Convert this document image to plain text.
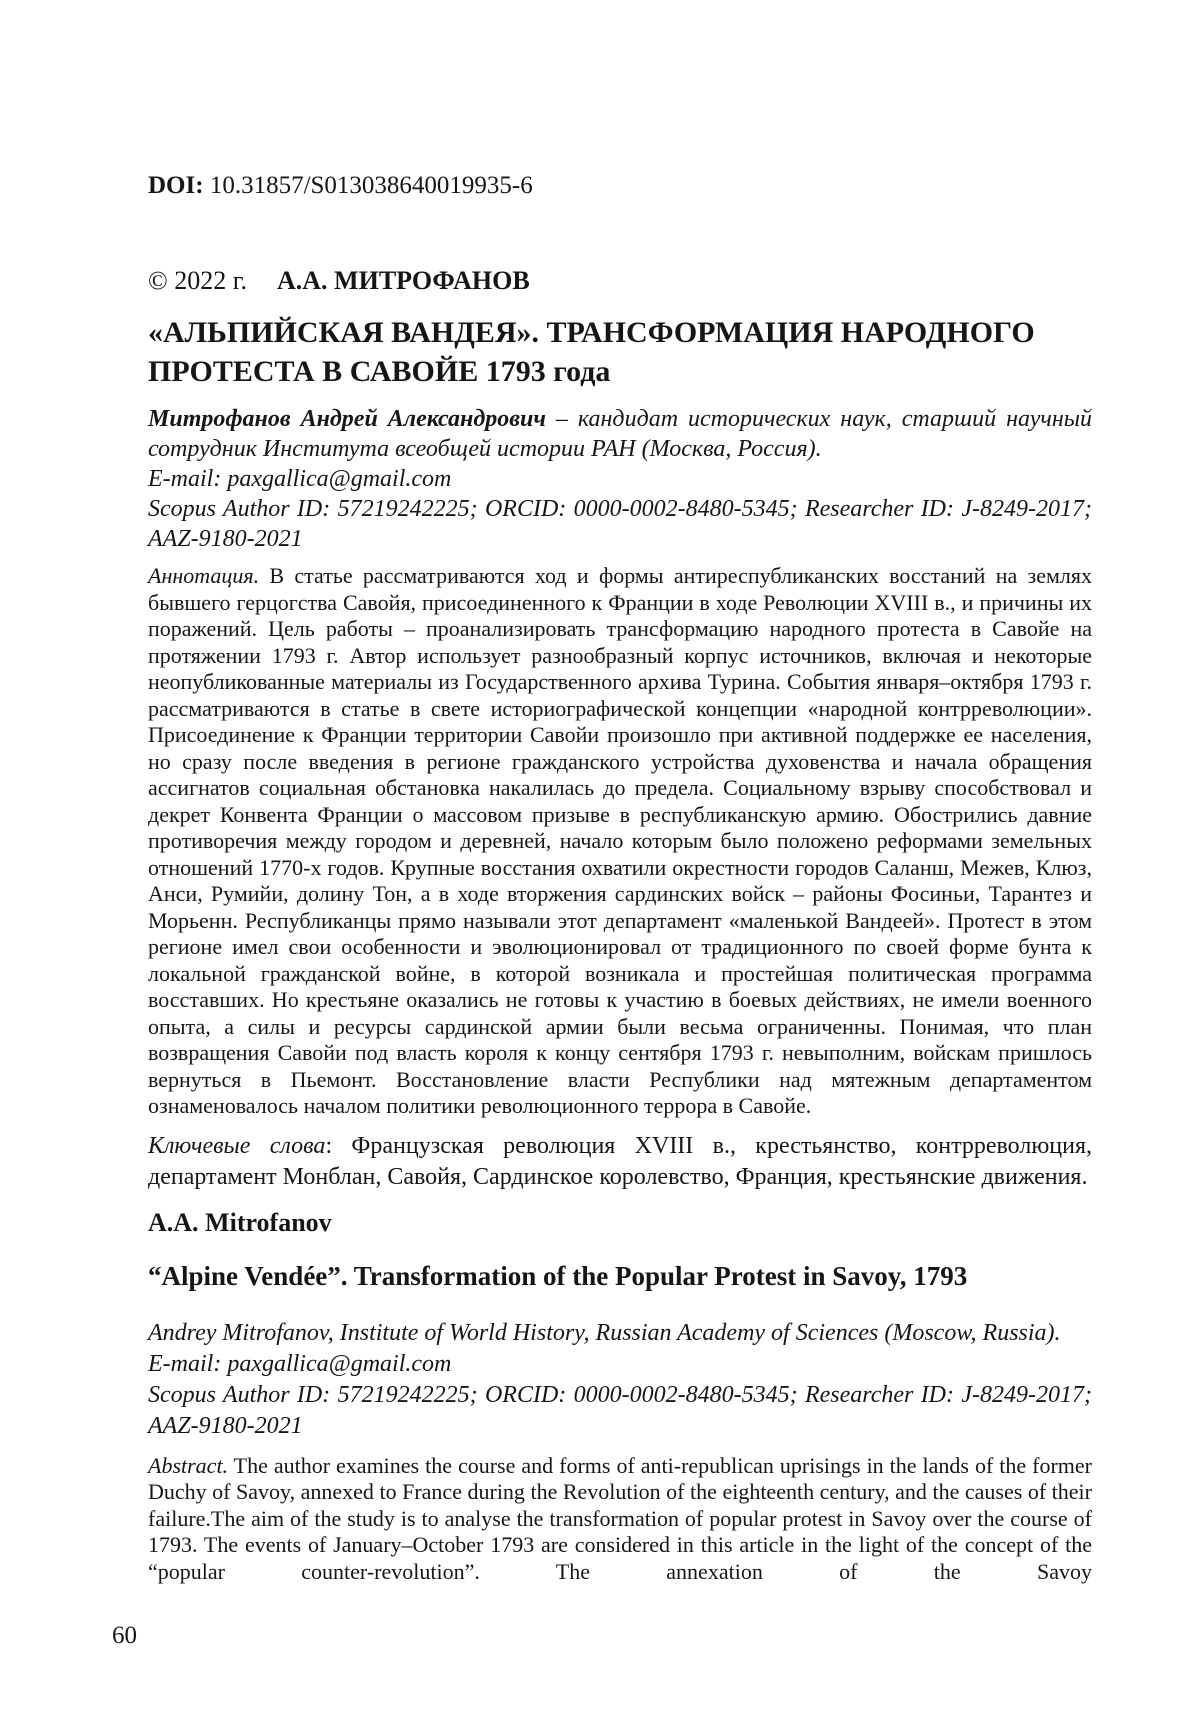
DOI: 10.31857/S013038640019935-6

© 2022 г. А.А. МИТРОФАНОВ

«АЛЬПИЙСКАЯ ВАНДЕЯ». ТРАНСФОРМАЦИЯ НАРОДНОГО ПРОТЕСТА В САВОЙЕ 1793 года

Митрофанов Андрей Александрович – кандидат исторических наук, старший научный сотрудник Института всеобщей истории РАН (Москва, Россия).

E-mail: paxgallica@gmail.com

Scopus Author ID: 57219242225; ORCID: 0000-0002-8480-5345; Researcher ID: J-8249-2017; AAZ-9180-2021

Аннотация. В статье рассматриваются ход и формы антиреспубликанских восстаний на землях бывшего герцогства Савойя, присоединенного к Франции в ходе Революции XVIII в., и причины их поражений. Цель работы – проанализировать трансформацию народного протеста в Савойе на протяжении 1793 г. Автор использует разнообразный корпус источников, включая и некоторые неопубликованные материалы из Государственного архива Турина. События января–октября 1793 г. рассматриваются в статье в свете историографической концепции «народной контрреволюции». Присоединение к Франции территории Савойи произошло при активной поддержке ее населения, но сразу после введения в регионе гражданского устройства духовенства и начала обращения ассигнатов социальная обстановка накалилась до предела. Социальному взрыву способствовал и декрет Конвента Франции о массовом призыве в республиканскую армию. Обострились давние противоречия между городом и деревней, начало которым было положено реформами земельных отношений 1770-х годов. Крупные восстания охватили окрестности городов Саланш, Межев, Клюз, Анси, Румийи, долину Тон, а в ходе вторжения сардинских войск – районы Фосиньи, Тарантез и Морьенн. Республиканцы прямо называли этот департамент «маленькой Вандеей». Протест в этом регионе имел свои особенности и эволюционировал от традиционного по своей форме бунта к локальной гражданской войне, в которой возникала и простейшая политическая программа восставших. Но крестьяне оказались не готовы к участию в боевых действиях, не имели военного опыта, а силы и ресурсы сардинской армии были весьма ограниченны. Понимая, что план возвращения Савойи под власть короля к концу сентября 1793 г. невыполним, войскам пришлось вернуться в Пьемонт. Восстановление власти Республики над мятежным департаментом ознаменовалось началом политики революционного террора в Савойе.

Ключевые слова: Французская революция XVIII в., крестьянство, контрреволюция, департамент Монблан, Савойя, Сардинское королевство, Франция, крестьянские движения.

A.A. Mitrofanov
“Alpine Vendée”. Transformation of the Popular Protest in Savoy, 1793

Andrey Mitrofanov, Institute of World History, Russian Academy of Sciences (Moscow, Russia).

E-mail: paxgallica@gmail.com

Scopus Author ID: 57219242225; ORCID: 0000-0002-8480-5345; Researcher ID: J-8249-2017; AAZ-9180-2021

Abstract. The author examines the course and forms of anti-republican uprisings in the lands of the former Duchy of Savoy, annexed to France during the Revolution of the eighteenth century, and the causes of their failure.The aim of the study is to analyse the transformation of popular protest in Savoy over the course of 1793. The events of January–October 1793 are considered in this article in the light of the concept of the “popular counter-revolution”. The annexation of the Savoy

60
